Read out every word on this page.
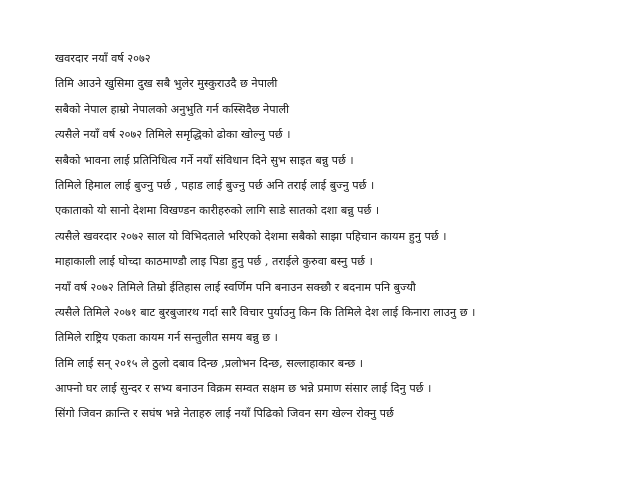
खवरदार नयाँ वर्ष २०७२
तिमि आउने खुसिमा दुख सबै भुलेर मुस्कुराउदै छ नेपाली
सबैको नेपाल हाम्रो नेपालको अनुभुति गर्न कस्सिदैछ नेपाली
त्यसैले नयाँ वर्ष २०७२ तिमिले समृद्धिको ढोका खोल्नु पर्छ ।
सबैको भावना लाई प्रतिनिधित्व गर्ने नयाँ संविधान दिने सुभ साइत बन्नु पर्छ ।
तिमिले हिमाल लाई बुज्नु पर्छ , पहाड लाई बुज्नु पर्छ अनि तराई लाई बुज्नु पर्छ ।
एकाताको यो सानो देशमा विखण्डन कारीहरुको लागि साडे सातको दशा बन्नु पर्छ ।
त्यसैले खवरदार २०७२ साल यो विभिदताले भरिएको देशमा सबैको साझा पहिचान कायम हुनु पर्छ ।
माहाकाली लाई घोच्दा काठमाण्डौ लाइ पिडा हुनु पर्छ , तराईले कुरुवा बस्नु पर्छ ।
नयाँ वर्ष २०७२ तिमिले तिम्रो ईतिहास लाई स्वर्णिम पनि बनाउन सक्छौ र बदनाम पनि बुज्यौ
त्यसैले तिमिले २०७१ बाट बुरबुजारथ गर्दा सारै विचार पुर्याउनु किन कि तिमिले देश लाई किनारा लाउनु छ ।
तिमिले राष्ट्रिय एकता कायम गर्न सन्तुलीत समय बन्नु छ ।
तिमि लाई सन् २०१५ ले ठुलो दबाव दिन्छ ,प्रलोभन दिन्छ, सल्लाहाकार बन्छ ।
आफ्नो घर लाई सुन्दर र सभ्य बनाउन विक्रम सम्वत सक्षम छ भन्ने प्रमाण संसार लाई दिनु पर्छ ।
सिंगो जिवन क्रान्ति र सघंष भन्ने नेताहरु लाई नयाँ पिढिको जिवन सग खेल्न रोक्नु पर्छ
